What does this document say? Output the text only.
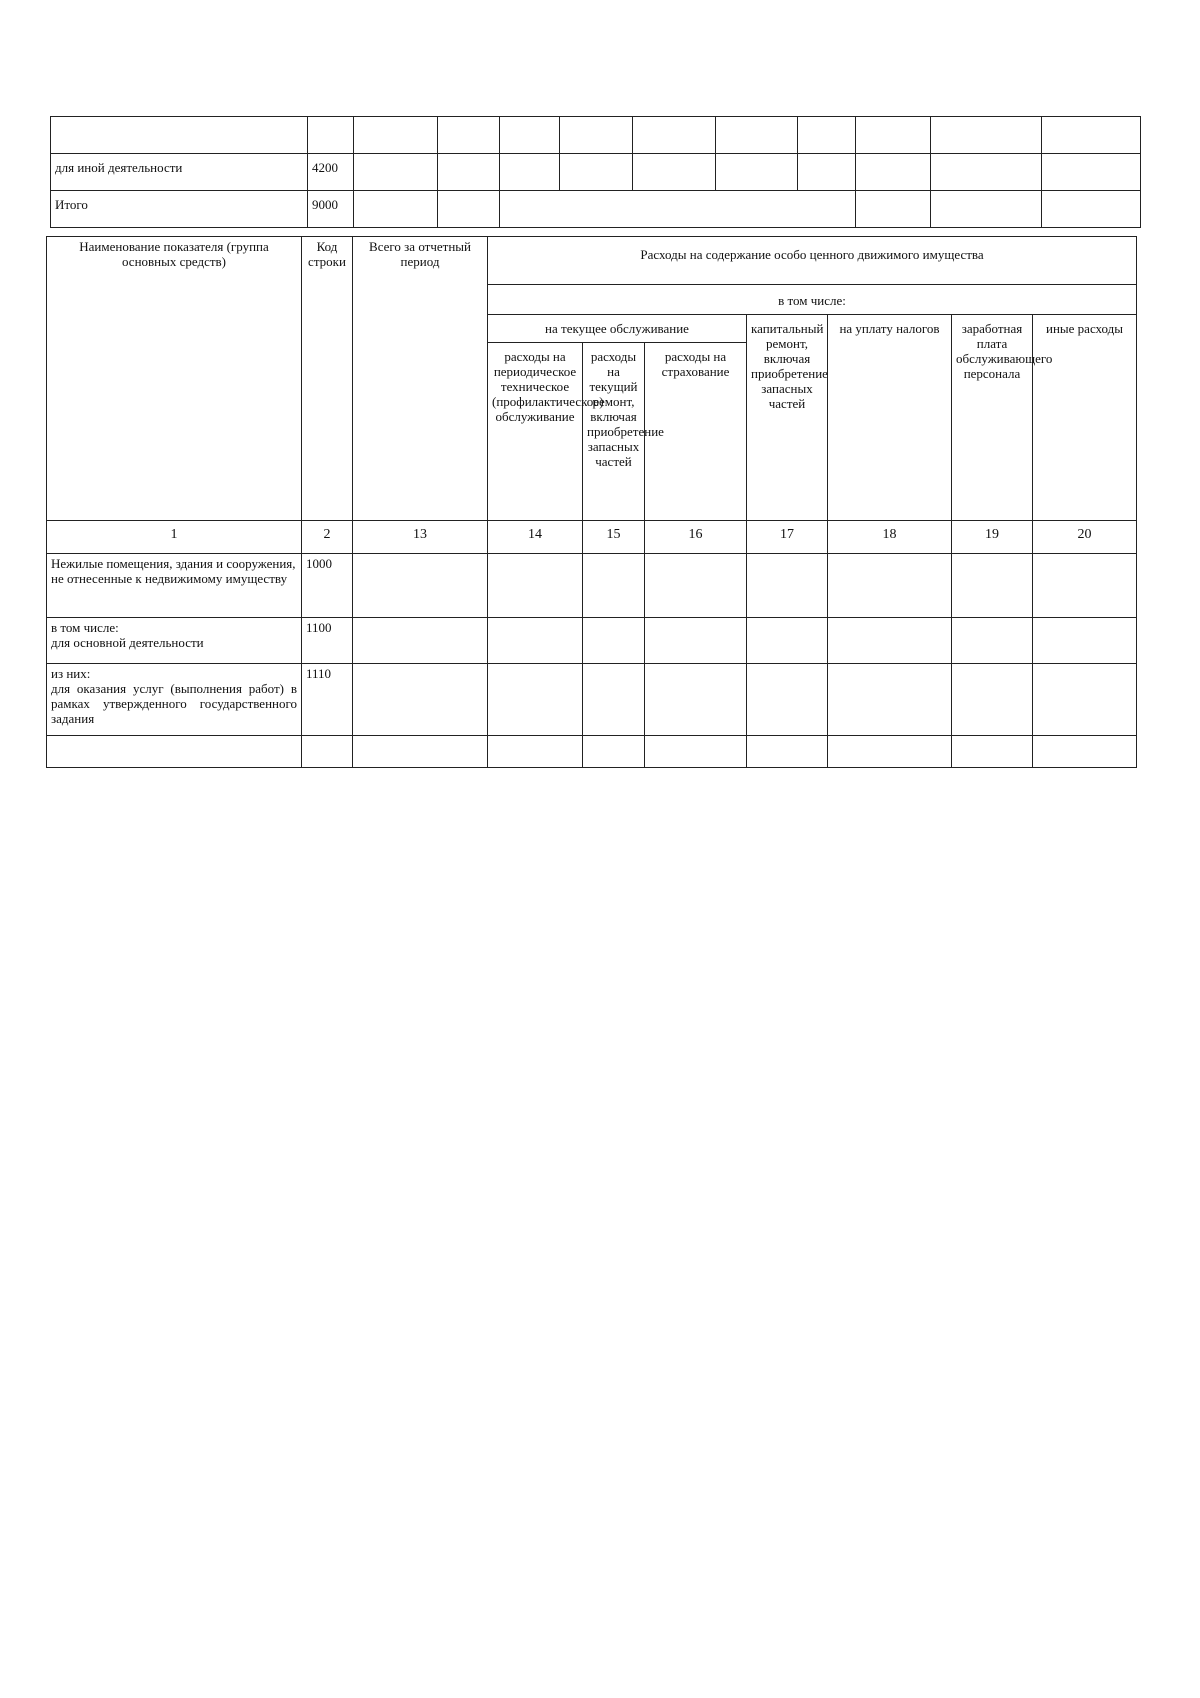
для иной деятельности	4200										
Итого	9000										
Наименование показателя (группа основных средств)	Код строки	Всего за отчетный период	Расходы на содержание особо ценного движимого имущества						
			в том числе:						
			на текущее обслуживание			капитальный ремонт, включая приобретение запасных частей	на уплату налогов	заработная плата обслуживающего персонала	иные расходы
			расходы на периодическое техническое (профилактическое) обслуживание	расходы на текущий ремонт, включая приобретение запасных частей	расходы на страхование				
1	2	13	14	15	16	17	18	19	20
Нежилые помещения, здания и сооружения, не отнесенные к недвижимому имуществу	1000								
в том числе:
для основной деятельности	1100								
из них:
для оказания услуг (выполнения работ) в рамках утвержденного государственного задания	1110								
